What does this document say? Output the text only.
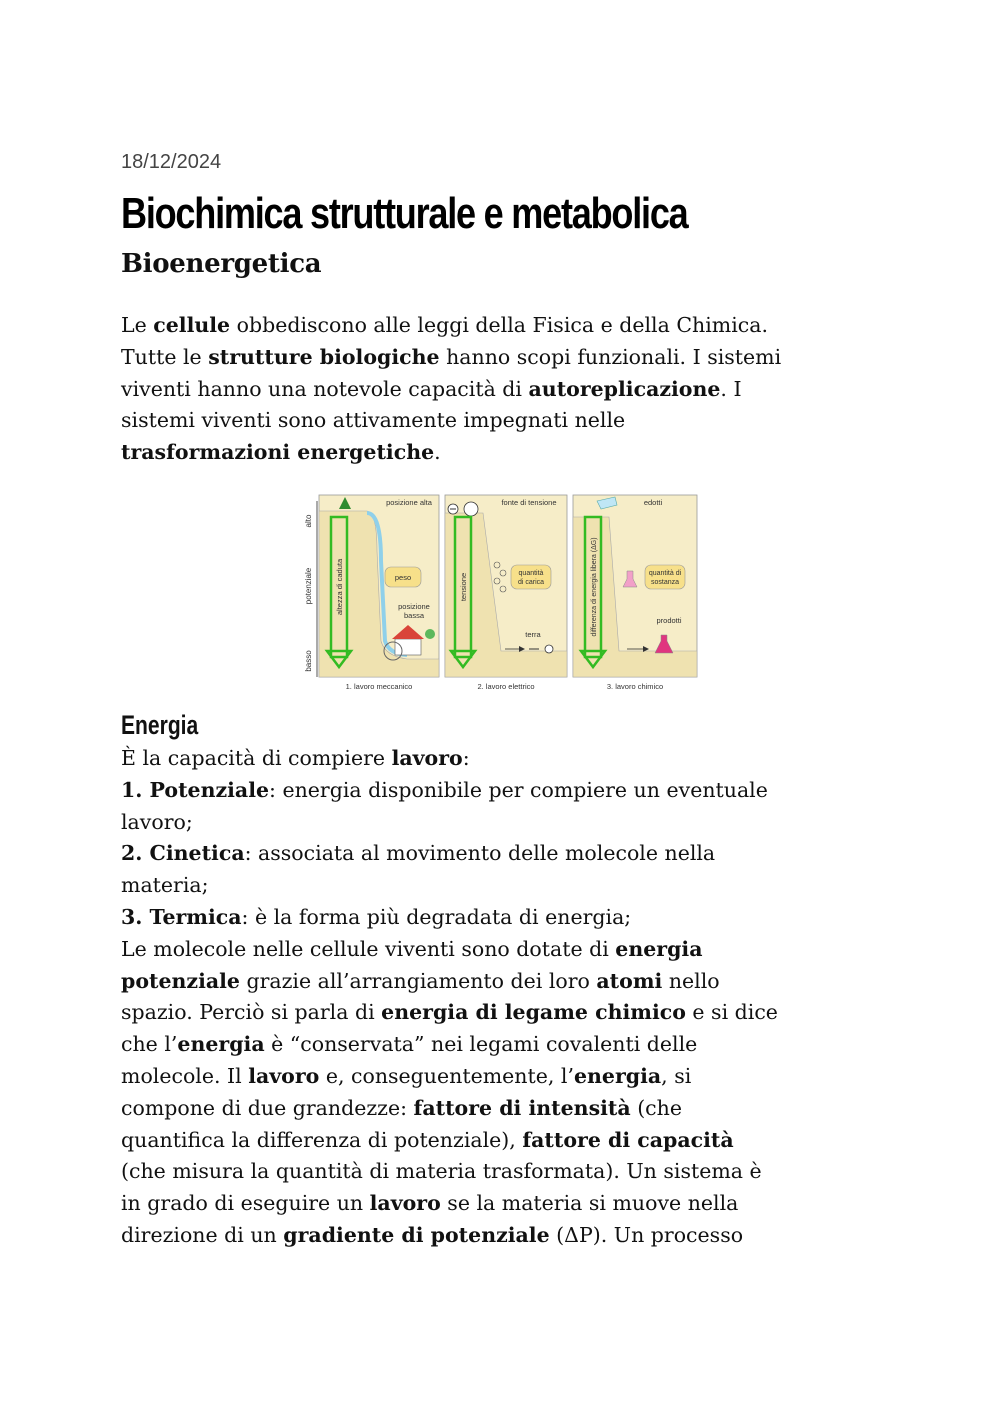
18/12/2024

Biochimica strutturale e metabolica
Bioenergetica
Le cellule obbediscono alle leggi della Fisica e della Chimica.
Tutte le strutture biologiche hanno scopi funzionali. I sistemi
viventi hanno una notevole capacità di autoreplicazione. I
sistemi viventi sono attivamente impegnati nelle
trasformazioni energetiche.
alto
potenziale
basso
altezza di caduta
posizione alta
peso
posizione
bassa
1. lavoro meccanico
tensione
fonte di tensione
quantità
di carica
terra
2. lavoro elettrico
differenza di energia libera (ΔG)
edotti
quantità di
sostanza
prodotti
3. lavoro chimico
Energia
È la capacità di compiere lavoro:
1. Potenziale: energia disponibile per compiere un eventuale
lavoro;
2. Cinetica: associata al movimento delle molecole nella
materia;
3. Termica: è la forma più degradata di energia;
Le molecole nelle cellule viventi sono dotate di energia
potenziale grazie all’arrangiamento dei loro atomi nello
spazio. Perciò si parla di energia di legame chimico e si dice
che l’energia è “conservata” nei legami covalenti delle
molecole. Il lavoro e, conseguentemente, l’energia, si
compone di due grandezze: fattore di intensità (che
quantifica la differenza di potenziale), fattore di capacità
(che misura la quantità di materia trasformata). Un sistema è
in grado di eseguire un lavoro se la materia si muove nella
direzione di un gradiente di potenziale (ΔP). Un processo
